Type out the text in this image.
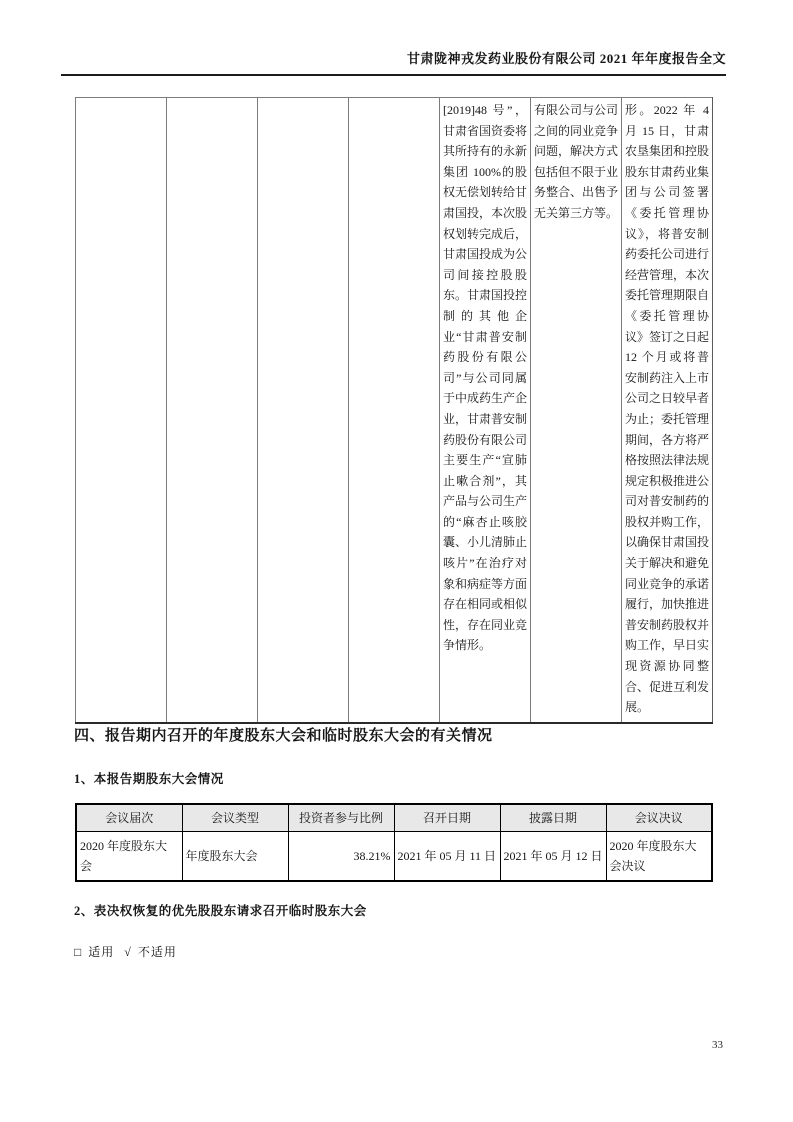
甘肃陇神戎发药业股份有限公司 2021 年年度报告全文
				[2019]48 号”，甘肃省国资委将其所持有的永新集团 100%的股权无偿划转给甘肃国投，本次股权划转完成后，甘肃国投成为公司间接控股股东。甘肃国投控制的其他企业“甘肃普安制药股份有限公司”与公司同属于中成药生产企业，甘肃普安制药股份有限公司主要生产“宣肺止嗽合剂”，其产品与公司生产的“麻杏止咳胶囊、小儿清肺止咳片”在治疗对象和病症等方面存在相同或相似性，存在同业竞争情形。	有限公司与公司之间的同业竞争问题，解决方式包括但不限于业务整合、出售予无关第三方等。	形。2022 年 4 月 15 日，甘肃农垦集团和控股股东甘肃药业集团与公司签署《委托管理协议》，将普安制药委托公司进行经营管理，本次委托管理期限自《委托管理协议》签订之日起 12 个月或将普安制药注入上市公司之日较早者为止；委托管理期间，各方将严格按照法律法规规定积极推进公司对普安制药的股权并购工作，以确保甘肃国投关于解决和避免同业竞争的承诺履行，加快推进普安制药股权并购工作，早日实现资源协同整合、促进互利发展。
四、报告期内召开的年度股东大会和临时股东大会的有关情况
1、本报告期股东大会情况
会议届次	会议类型	投资者参与比例	召开日期	披露日期	会议决议
2020 年度股东大会	年度股东大会	38.21%	2021 年 05 月 11 日	2021 年 05 月 12 日	2020 年度股东大会决议
2、表决权恢复的优先股股东请求召开临时股东大会
□ 适用 √ 不适用
33
